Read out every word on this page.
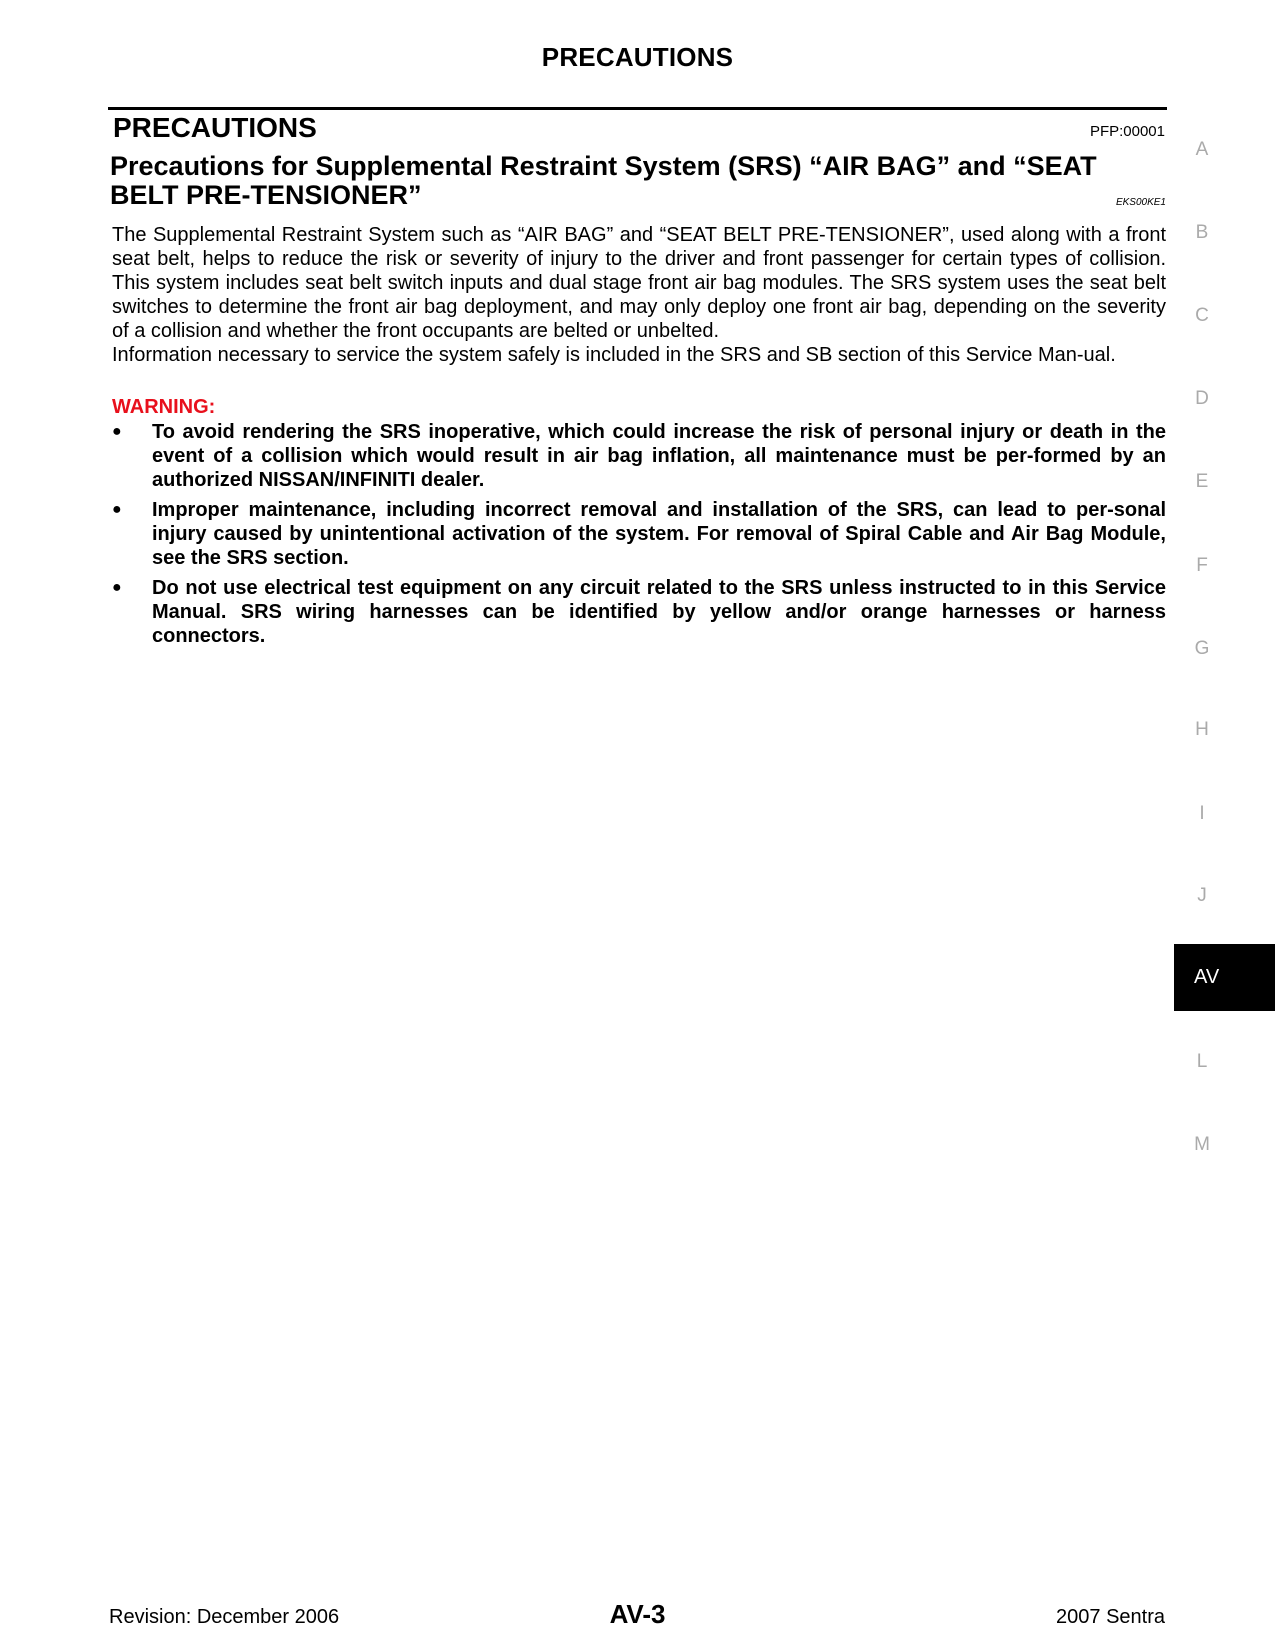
PRECAUTIONS
PRECAUTIONS	PFP:00001
Precautions for Supplemental Restraint System (SRS) “AIR BAG” and “SEAT BELT PRE-TENSIONER”	EKS00KE1

The Supplemental Restraint System such as “AIR BAG” and “SEAT BELT PRE-TENSIONER”, used along with a front seat belt, helps to reduce the risk or severity of injury to the driver and front passenger for certain types of collision. This system includes seat belt switch inputs and dual stage front air bag modules. The SRS system uses the seat belt switches to determine the front air bag deployment, and may only deploy one front air bag, depending on the severity of a collision and whether the front occupants are belted or unbelted.

Information necessary to service the system safely is included in the SRS and SB section of this Service Man-ual.

WARNING:
● To avoid rendering the SRS inoperative, which could increase the risk of personal injury or death in the event of a collision which would result in air bag inflation, all maintenance must be per-formed by an authorized NISSAN/INFINITI dealer.
● Improper maintenance, including incorrect removal and installation of the SRS, can lead to per-sonal injury caused by unintentional activation of the system. For removal of Spiral Cable and Air Bag Module, see the SRS section.
● Do not use electrical test equipment on any circuit related to the SRS unless instructed to in this Service Manual. SRS wiring harnesses can be identified by yellow and/or orange harnesses or harness connectors.
A
B
C
D
E
F
G
H
I
J
AV
L
M
Revision: December 2006	AV-3	2007 Sentra
